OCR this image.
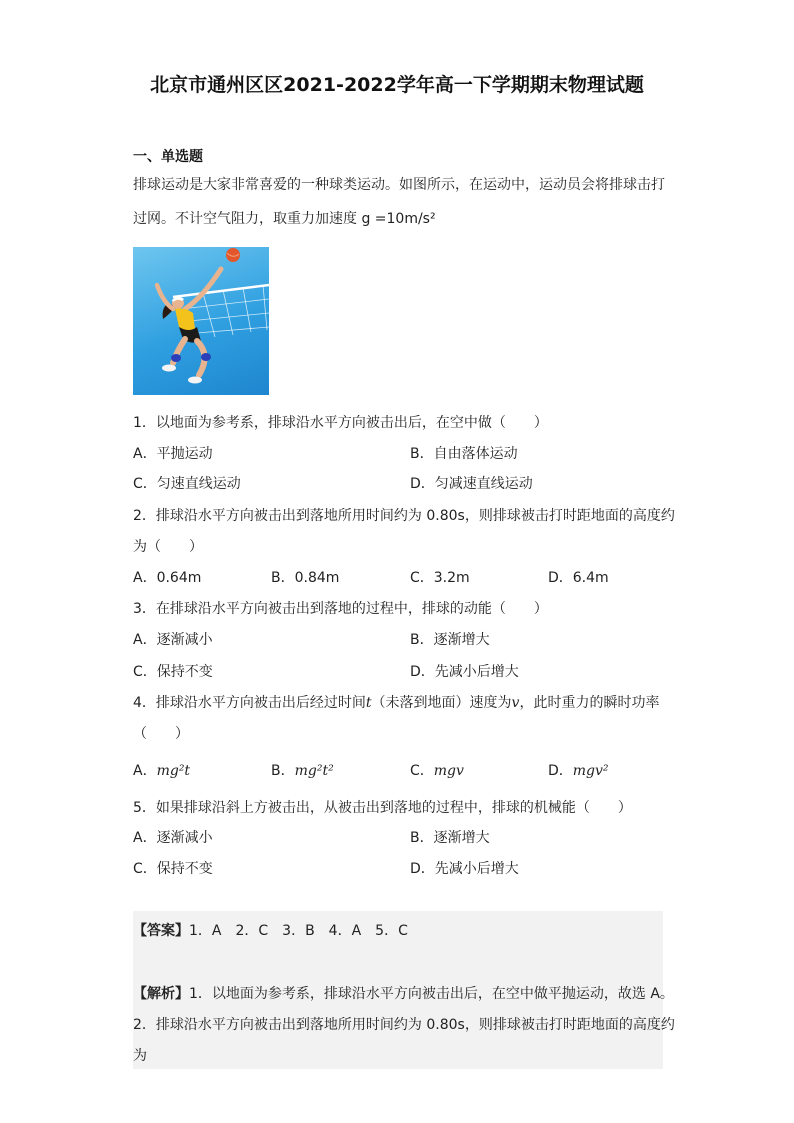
北京市通州区区2021-2022学年高一下学期期末物理试题
一、单选题
排球运动是大家非常喜爱的一种球类运动。如图所示，在运动中，运动员会将排球击打
过网。不计空气阻力，取重力加速度 g =10m/s²
1．以地面为参考系，排球沿水平方向被击出后，在空中做（　　）
A．平抛运动	B．自由落体运动
C．匀速直线运动	D．匀减速直线运动
2．排球沿水平方向被击出到落地所用时间约为 0.80s，则排球被击打时距地面的高度约
为（　　）
A．0.64m	B．0.84m	C．3.2m	D．6.4m
3．在排球沿水平方向被击出到落地的过程中，排球的动能（　　）
A．逐渐减小	B．逐渐增大
C．保持不变	D．先减小后增大
4．排球沿水平方向被击出后经过时间t（未落到地面）速度为v，此时重力的瞬时功率
（　　）
A．mg²t	B．mg²t²	C．mgv	D．mgv²
5．如果排球沿斜上方被击出，从被击出到落地的过程中，排球的机械能（　　）
A．逐渐减小	B．逐渐增大
C．保持不变	D．先减小后增大
【答案】1．A　2．C　3．B　4．A　5．C
【解析】1．以地面为参考系，排球沿水平方向被击出后，在空中做平抛运动，故选 A。
2．排球沿水平方向被击出到落地所用时间约为 0.80s，则排球被击打时距地面的高度约
为
